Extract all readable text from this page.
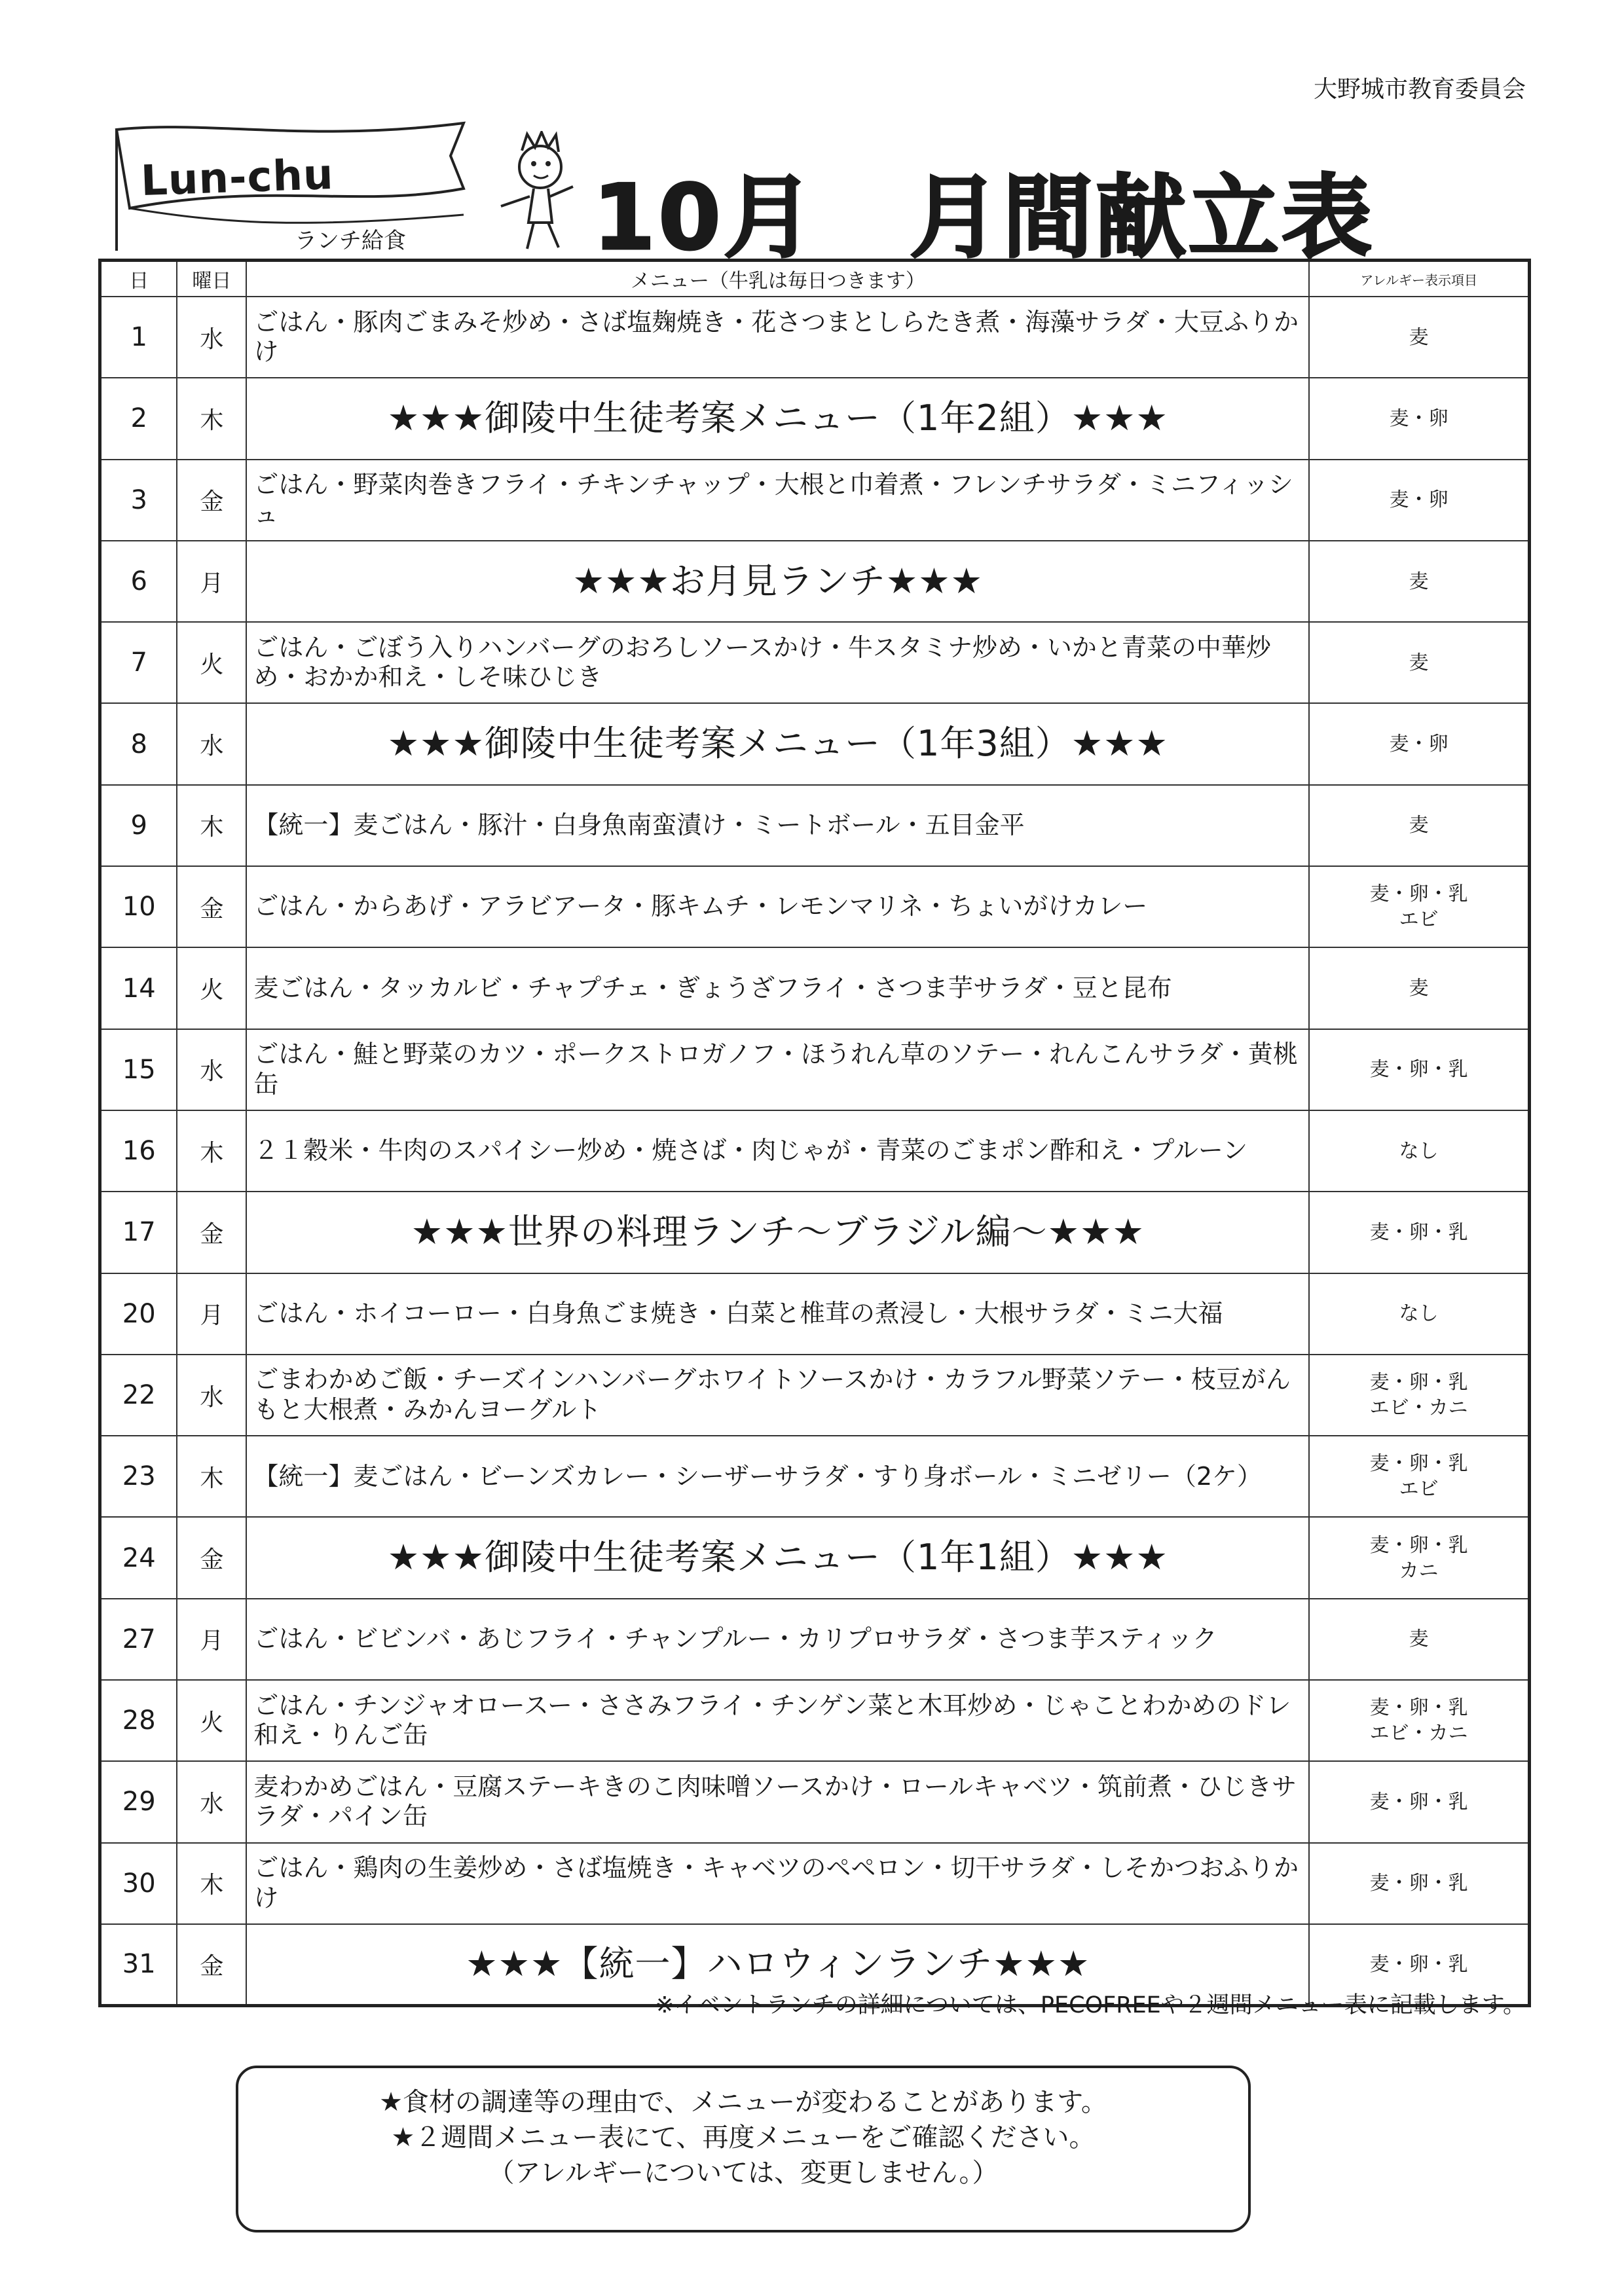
大野城市教育委員会
Lun-chu
ランチ給食 10月　月間献立表
日	曜日	メニュー（牛乳は毎日つきます）	アレルギー表示項目
1	水	ごはん・豚肉ごまみそ炒め・さば塩麹焼き・花さつまとしらたき煮・海藻サラダ・大豆ふりかけ	麦
2	木	★★★御陵中生徒考案メニュー（1年2組）★★★	麦・卵
3	金	ごはん・野菜肉巻きフライ・チキンチャップ・大根と巾着煮・フレンチサラダ・ミニフィッシュ	麦・卵
6	月	★★★お月見ランチ★★★	麦
7	火	ごはん・ごぼう入りハンバーグのおろしソースかけ・牛スタミナ炒め・いかと青菜の中華炒め・おかか和え・しそ味ひじき	麦
8	水	★★★御陵中生徒考案メニュー（1年3組）★★★	麦・卵
9	木	【統一】麦ごはん・豚汁・白身魚南蛮漬け・ミートボール・五目金平	麦
10	金	ごはん・からあげ・アラビアータ・豚キムチ・レモンマリネ・ちょいがけカレー	麦・卵・乳
エビ
14	火	麦ごはん・タッカルビ・チャプチェ・ぎょうざフライ・さつま芋サラダ・豆と昆布	麦
15	水	ごはん・鮭と野菜のカツ・ポークストロガノフ・ほうれん草のソテー・れんこんサラダ・黄桃缶	麦・卵・乳
16	木	２１穀米・牛肉のスパイシー炒め・焼さば・肉じゃが・青菜のごまポン酢和え・プルーン	なし
17	金	★★★世界の料理ランチ～ブラジル編～★★★	麦・卵・乳
20	月	ごはん・ホイコーロー・白身魚ごま焼き・白菜と椎茸の煮浸し・大根サラダ・ミニ大福	なし
22	水	ごまわかめご飯・チーズインハンバーグホワイトソースかけ・カラフル野菜ソテー・枝豆がんもと大根煮・みかんヨーグルト	麦・卵・乳
エビ・カニ
23	木	【統一】麦ごはん・ビーンズカレー・シーザーサラダ・すり身ボール・ミニゼリー（2ケ）	麦・卵・乳
エビ
24	金	★★★御陵中生徒考案メニュー（1年1組）★★★	麦・卵・乳
カニ
27	月	ごはん・ビビンバ・あじフライ・チャンプルー・カリプロサラダ・さつま芋スティック	麦
28	火	ごはん・チンジャオロースー・ささみフライ・チンゲン菜と木耳炒め・じゃことわかめのドレ和え・りんご缶	麦・卵・乳
エビ・カニ
29	水	麦わかめごはん・豆腐ステーキきのこ肉味噌ソースかけ・ロールキャベツ・筑前煮・ひじきサラダ・パイン缶	麦・卵・乳
30	木	ごはん・鶏肉の生姜炒め・さば塩焼き・キャベツのペペロン・切干サラダ・しそかつおふりかけ	麦・卵・乳
31	金	★★★【統一】ハロウィンランチ★★★	麦・卵・乳
※イベントランチの詳細については、PECOFREEや２週間メニュー表に記載します。
★食材の調達等の理由で、メニューが変わることがあります。
★２週間メニュー表にて、再度メニューをご確認ください。
（アレルギーについては、変更しません。）
